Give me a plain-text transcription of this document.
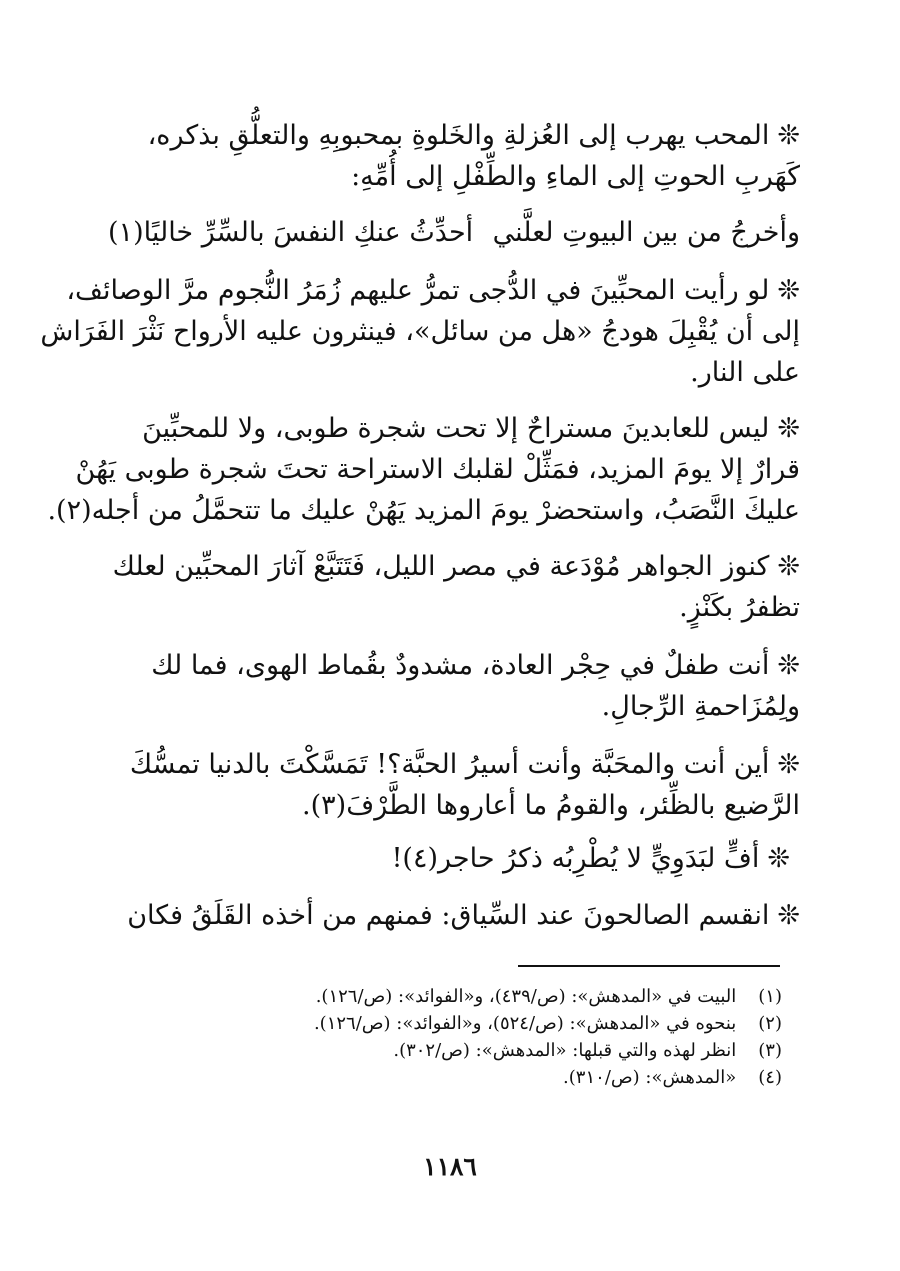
❊المحب يهرب إلى العُزلةِ والخَلوةِ بمحبوبِهِ والتعلُّقِ بذكره،
كَهَربِ الحوتِ إلى الماءِ والطِّفْلِ إلى أُمِّهِ:
وأخرجُ من بين البيوتِ لعلَّني
أحدِّثُ عنكِ النفسَ بالسِّرِّ خاليًا(١)
❊لو رأيت المحبِّينَ في الدُّجى تمرُّ عليهم زُمَرُ النُّجوم مرَّ الوصائف،
إلى أن يُقْبِلَ هودجُ «هل من سائل»، فينثرون عليه الأرواح نَثْرَ الفَرَاش
على النار.
❊ليس للعابدينَ مستراحٌ إلا تحت شجرة طوبى، ولا للمحبِّينَ
قرارٌ إلا يومَ المزيد، فمَثِّلْ لقلبك الاستراحة تحتَ شجرة طوبى يَهُنْ
عليكَ النَّصَبُ، واستحضرْ يومَ المزيد يَهُنْ عليك ما تتحمَّلُ من أجله(٢).
❊كنوز الجواهر مُوْدَعة في مصر الليل، فَتَتَبَّعْ آثارَ المحبِّين لعلك
تظفرُ بكَنْزٍ.
❊أنت طفلٌ في حِجْر العادة، مشدودٌ بقُماط الهوى، فما لك
ولِمُزَاحمةِ الرِّجالِ.
❊أين أنت والمحَبَّة وأنت أسيرُ الحبَّة؟! تَمَسَّكْتَ بالدنيا تمسُّكَ
الرَّضيع بالظِّئر، والقومُ ما أعاروها الطَّرْفَ(٣).
❊أفٍّ لبَدَوِيٍّ لا يُطْرِبُه ذكرُ حاجر(٤)!
❊انقسم الصالحونَ عند السِّياق: فمنهم من أخذه القَلَقُ فكان
(١) البيت في «المدهش»: (ص/٤٣٩)، و«الفوائد»: (ص/١٢٦).
(٢) بنحوه في «المدهش»: (ص/٥٢٤)، و«الفوائد»: (ص/١٢٦).
(٣) انظر لهذه والتي قبلها: «المدهش»: (ص/٣٠٢).
(٤) «المدهش»: (ص/٣١٠).
١١٨٦
